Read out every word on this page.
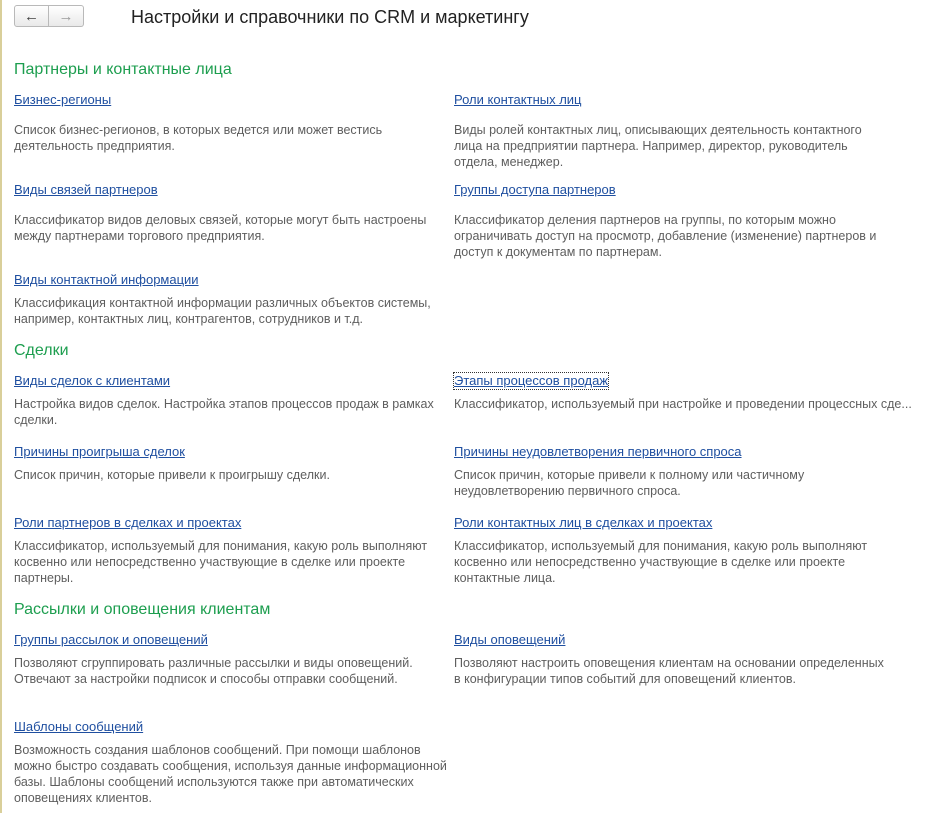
← →	Настройки и справочники по CRM и маркетингу
Партнеры и контактные лица
Бизнес-регионы
Список бизнес-регионов, в которых ведется или может вестись деятельность предприятия.
Роли контактных лиц
Виды ролей контактных лиц, описывающих деятельность контактного лица на предприятии партнера. Например, директор, руководитель отдела, менеджер.
Виды связей партнеров
Классификатор видов деловых связей, которые могут быть настроены между партнерами торгового предприятия.
Группы доступа партнеров
Классификатор деления партнеров на группы, по которым можно ограничивать доступ на просмотр, добавление (изменение) партнеров и доступ к документам по партнерам.
Виды контактной информации
Классификация контактной информации различных объектов системы, например, контактных лиц, контрагентов, сотрудников и т.д.
Сделки
Виды сделок с клиентами
Настройка видов сделок. Настройка этапов процессов продаж в рамках сделки.
Этапы процессов продаж
Классификатор, используемый при настройке и проведении процессных сде...
Причины проигрыша сделок
Список причин, которые привели к проигрышу сделки.
Причины неудовлетворения первичного спроса
Список причин, которые привели к полному или частичному неудовлетворению первичного спроса.
Роли партнеров в сделках и проектах
Классификатор, используемый для понимания, какую роль выполняют косвенно или непосредственно участвующие в сделке или проекте партнеры.
Роли контактных лиц в сделках и проектах
Классификатор, используемый для понимания, какую роль выполняют косвенно или непосредственно участвующие в сделке или проекте контактные лица.
Рассылки и оповещения клиентам
Группы рассылок и оповещений
Позволяют сгруппировать различные рассылки и виды оповещений. Отвечают за настройки подписок и способы отправки сообщений.
Виды оповещений
Позволяют настроить оповещения клиентам на основании определенных в конфигурации типов событий для оповещений клиентов.
Шаблоны сообщений
Возможность создания шаблонов сообщений. При помощи шаблонов можно быстро создавать сообщения, используя данные информационной базы. Шаблоны сообщений используются также при автоматических оповещениях клиентов.
